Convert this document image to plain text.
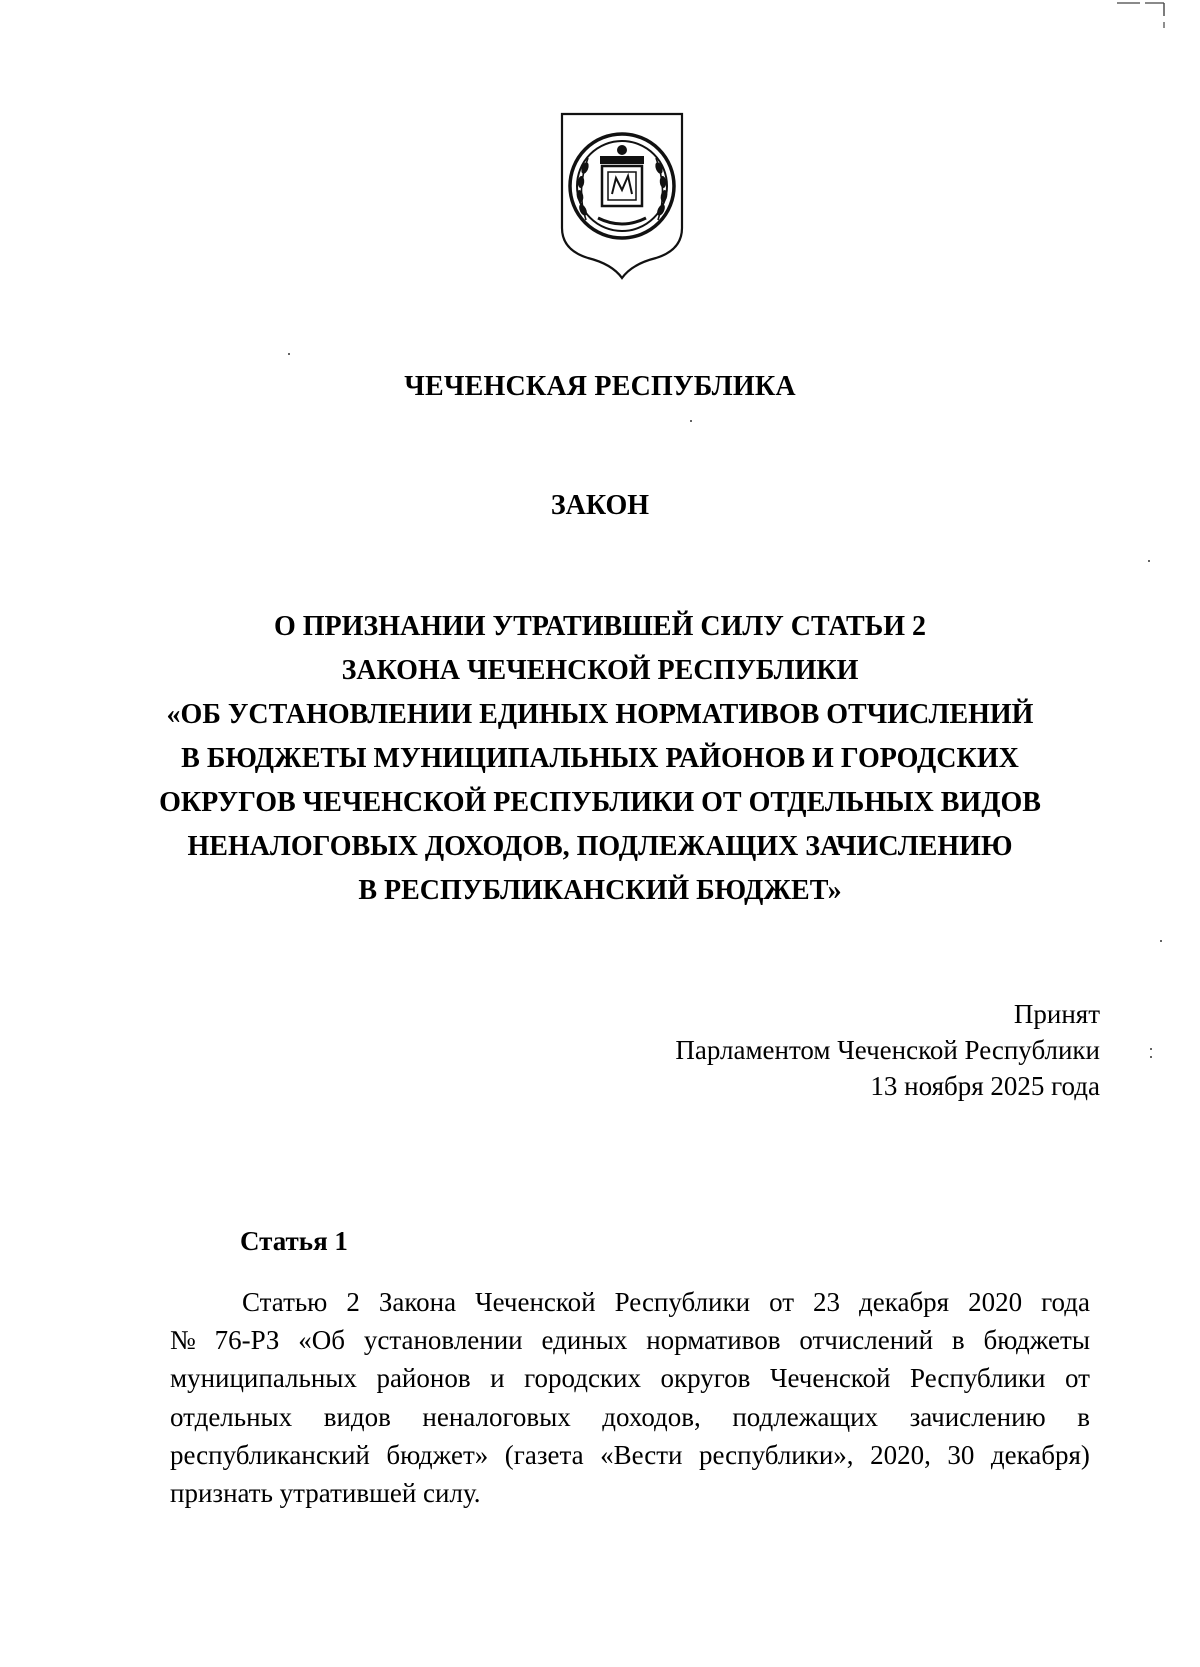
ЧЕЧЕНСКАЯ РЕСПУБЛИКА
ЗАКОН
О ПРИЗНАНИИ УТРАТИВШЕЙ СИЛУ СТАТЬИ 2
ЗАКОНА ЧЕЧЕНСКОЙ РЕСПУБЛИКИ
«ОБ УСТАНОВЛЕНИИ ЕДИНЫХ НОРМАТИВОВ ОТЧИСЛЕНИЙ
В БЮДЖЕТЫ МУНИЦИПАЛЬНЫХ РАЙОНОВ И ГОРОДСКИХ
ОКРУГОВ ЧЕЧЕНСКОЙ РЕСПУБЛИКИ ОТ ОТДЕЛЬНЫХ ВИДОВ
НЕНАЛОГОВЫХ ДОХОДОВ, ПОДЛЕЖАЩИХ ЗАЧИСЛЕНИЮ
В РЕСПУБЛИКАНСКИЙ БЮДЖЕТ»
Принят
Парламентом Чеченской Республики
13 ноября 2025 года
Статья 1
Статью 2 Закона Чеченской Республики от 23 декабря 2020 года
№ 76-РЗ «Об установлении единых нормативов отчислений в бюджеты
муниципальных районов и городских округов Чеченской Республики от
отдельных видов неналоговых доходов, подлежащих зачислению в
республиканский бюджет» (газета «Вести республики», 2020, 30 декабря)
признать утратившей силу.
